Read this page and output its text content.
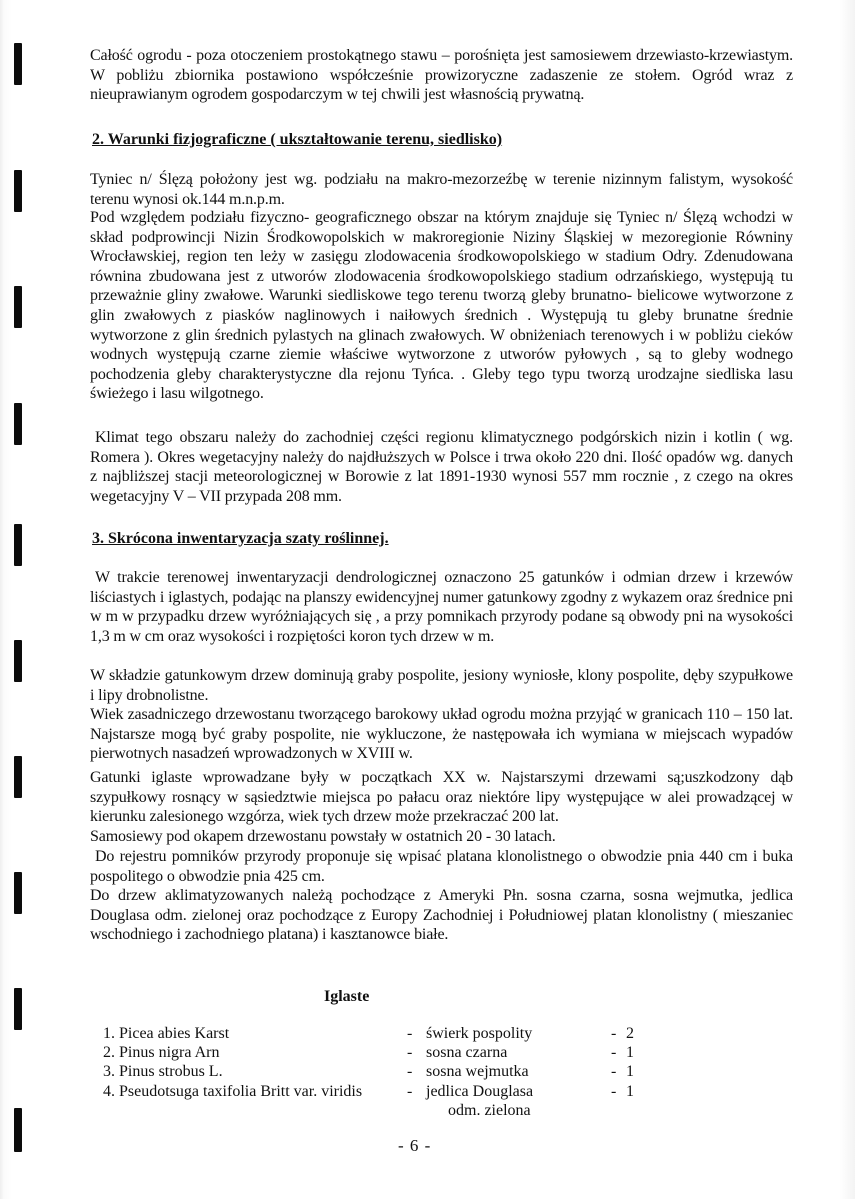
Całość ogrodu - poza otoczeniem prostokątnego stawu – porośnięta jest samosiewem drzewiasto-krzewiastym. W pobliżu zbiornika postawiono współcześnie prowizoryczne zadaszenie ze stołem. Ogród wraz z nieuprawianym ogrodem gospodarczym w tej chwili jest własnością prywatną.

2. Warunki fizjograficzne ( ukształtowanie terenu, siedlisko)

Tyniec n/ Ślęzą położony jest wg. podziału na makro-mezorzeźbę w terenie nizinnym falistym, wysokość terenu wynosi ok.144 m.n.p.m.

Pod względem podziału fizyczno- geograficznego obszar na którym znajduje się Tyniec n/ Ślęzą wchodzi w skład podprowincji Nizin Środkowopolskich w makroregionie Niziny Śląskiej w mezoregionie Równiny Wrocławskiej, region ten leży w zasięgu zlodowacenia środkowopolskiego w stadium Odry. Zdenudowana równina zbudowana jest z utworów zlodowacenia środkowopolskiego stadium odrzańskiego, występują tu przeważnie gliny zwałowe. Warunki siedliskowe tego terenu tworzą gleby brunatno- bielicowe wytworzone z glin zwałowych z piasków naglinowych i naiłowych średnich . Występują tu gleby brunatne średnie wytworzone z glin średnich pylastych na glinach zwałowych. W obniżeniach terenowych i w pobliżu cieków wodnych występują czarne ziemie właściwe wytworzone z utworów pyłowych , są to gleby wodnego pochodzenia gleby charakterystyczne dla rejonu Tyńca. . Gleby tego typu tworzą urodzajne siedliska lasu świeżego i lasu wilgotnego.

Klimat tego obszaru należy do zachodniej części regionu klimatycznego podgórskich nizin i kotlin ( wg. Romera ). Okres wegetacyjny należy do najdłuższych w Polsce i trwa około 220 dni. Ilość opadów wg. danych z najbliższej stacji meteorologicznej w Borowie z lat 1891-1930 wynosi 557 mm rocznie , z czego na okres wegetacyjny V – VII przypada 208 mm.

3. Skrócona inwentaryzacja szaty roślinnej.

W trakcie terenowej inwentaryzacji dendrologicznej oznaczono 25 gatunków i odmian drzew i krzewów liściastych i iglastych, podając na planszy ewidencyjnej numer gatunkowy zgodny z wykazem oraz średnice pni w m w przypadku drzew wyróżniających się , a przy pomnikach przyrody podane są obwody pni na wysokości 1,3 m w cm oraz wysokości i rozpiętości koron tych drzew w m.

W składzie gatunkowym drzew dominują graby pospolite, jesiony wyniosłe, klony pospolite, dęby szypułkowe i lipy drobnolistne.

Wiek zasadniczego drzewostanu tworzącego barokowy układ ogrodu można przyjąć w granicach 110 – 150 lat. Najstarsze mogą być graby pospolite, nie wykluczone, że następowała ich wymiana w miejscach wypadów pierwotnych nasadzeń wprowadzonych w XVIII w.

Gatunki iglaste wprowadzane były w początkach XX w. Najstarszymi drzewami są;uszkodzony dąb szypułkowy rosnący w sąsiedztwie miejsca po pałacu oraz niektóre lipy występujące w alei prowadzącej w kierunku zalesionego wzgórza, wiek tych drzew może przekraczać 200 lat.

Samosiewy pod okapem drzewostanu powstały w ostatnich 20 - 30 latach.

Do rejestru pomników przyrody proponuje się wpisać platana klonolistnego o obwodzie pnia 440 cm i buka pospolitego o obwodzie pnia 425 cm.

Do drzew aklimatyzowanych należą pochodzące z Ameryki Płn. sosna czarna, sosna wejmutka, jedlica Douglasa odm. zielonej oraz pochodzące z Europy Zachodniej i Południowej platan klonolistny ( mieszaniec wschodniego i zachodniego platana) i kasztanowce białe.

Iglaste
1. Picea abies Karst	- świerk pospolity	- 2
2. Pinus nigra Arn	- sosna czarna	- 1
3. Pinus strobus L.	- sosna wejmutka	- 1
4. Pseudotsuga taxifolia Britt var. viridis	- jedlica Douglasa	- 1
odm. zielona
- 6 -
